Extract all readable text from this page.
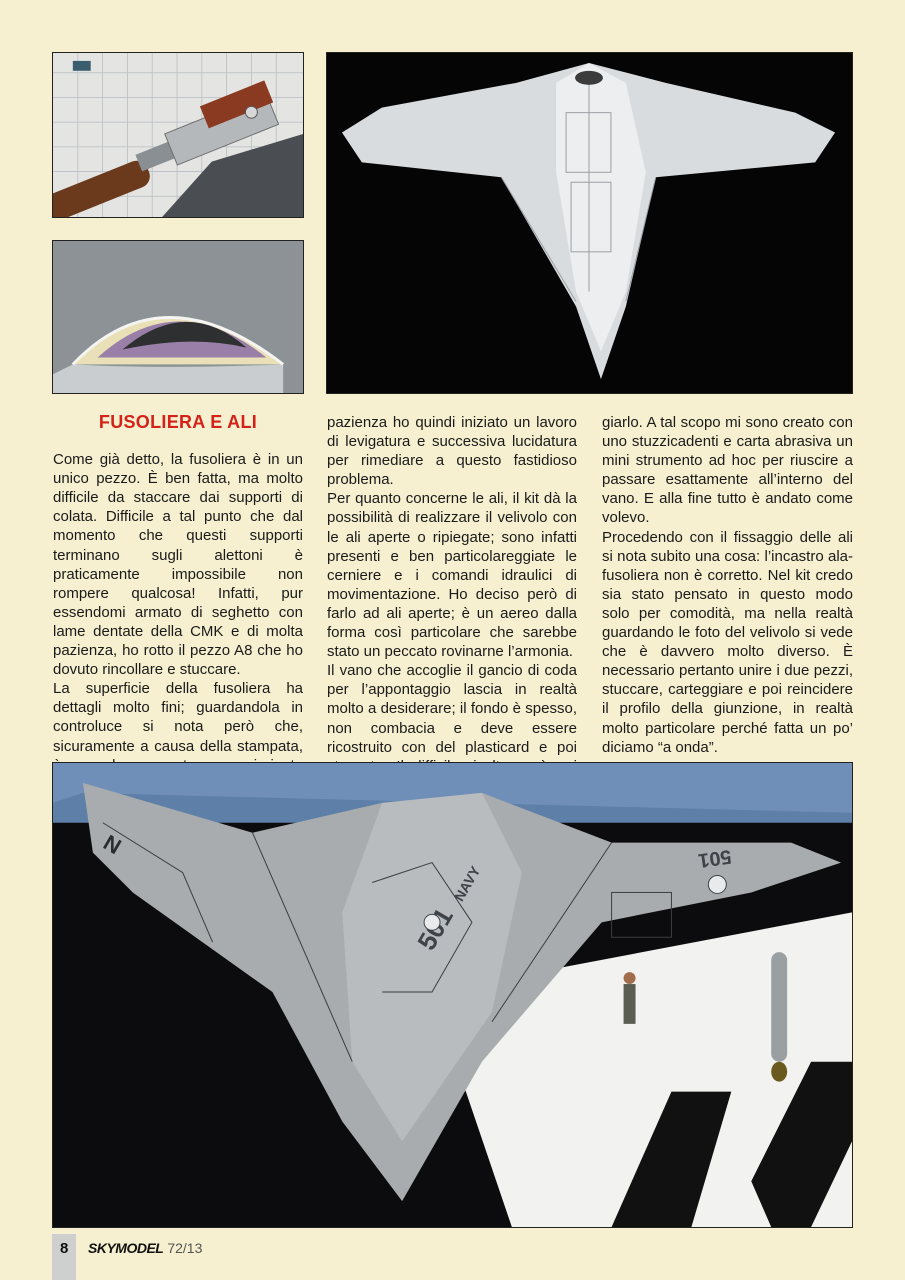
FUSOLIERA E ALI

Come già detto, la fusoliera è in un unico pezzo. È ben fatta, ma molto difficile da staccare dai supporti di colata. Difficile a tal punto che dal momento che questi supporti terminano sugli alettoni è praticamente impossibile non rompere qualcosa! Infatti, pur essendomi armato di seghetto con lame dentate della CMK e di molta pazienza, ho rotto il pezzo A8 che ho dovuto rincollare e stuccare.

La superficie della fusoliera ha dettagli molto fini; guardandola in controluce si nota però che, sicuramente a causa della stampata,

pazienza ho quindi iniziato un lavoro di levigatura e successiva lucidatura per rimediare a questo fastidioso problema.

Per quanto concerne le ali, il kit dà la possibilità di realizzare il velivolo con le ali aperte o ripiegate; sono infatti presenti e ben particolareggiate le cerniere e i comandi idraulici di movimentazione. Ho deciso però di farlo ad ali aperte; è un aereo dalla forma così particolare che sarebbe stato un peccato rovinarne l’armonia.

Il vano che accoglie il gancio di coda per l’appontaggio lascia in realtà molto a desiderare; il fondo è spesso, non combacia e deve essere ricostruito con del plasticard e poi

giarlo. A tal scopo mi sono creato con uno stuzzicadenti e carta abrasiva un mini strumento ad hoc per riuscire a passare esattamente all’interno del vano. E alla fine tutto è andato come volevo.

Procedendo con il fissaggio delle ali si nota subito una cosa: l’incastro ala-fusoliera non è corretto. Nel kit credo sia stato pensato in questo modo solo per comodità, ma nella realtà guardando le foto del velivolo si vede che è davvero molto diverso. È necessario pertanto unire i due pezzi, stuccare, carteggiare e poi reincidere il profilo della giunzione, in realtà molto particolare perché fatta un po’ diciamo “a onda”.

501
NAVY
N
8 SKYMODEL 72/13
